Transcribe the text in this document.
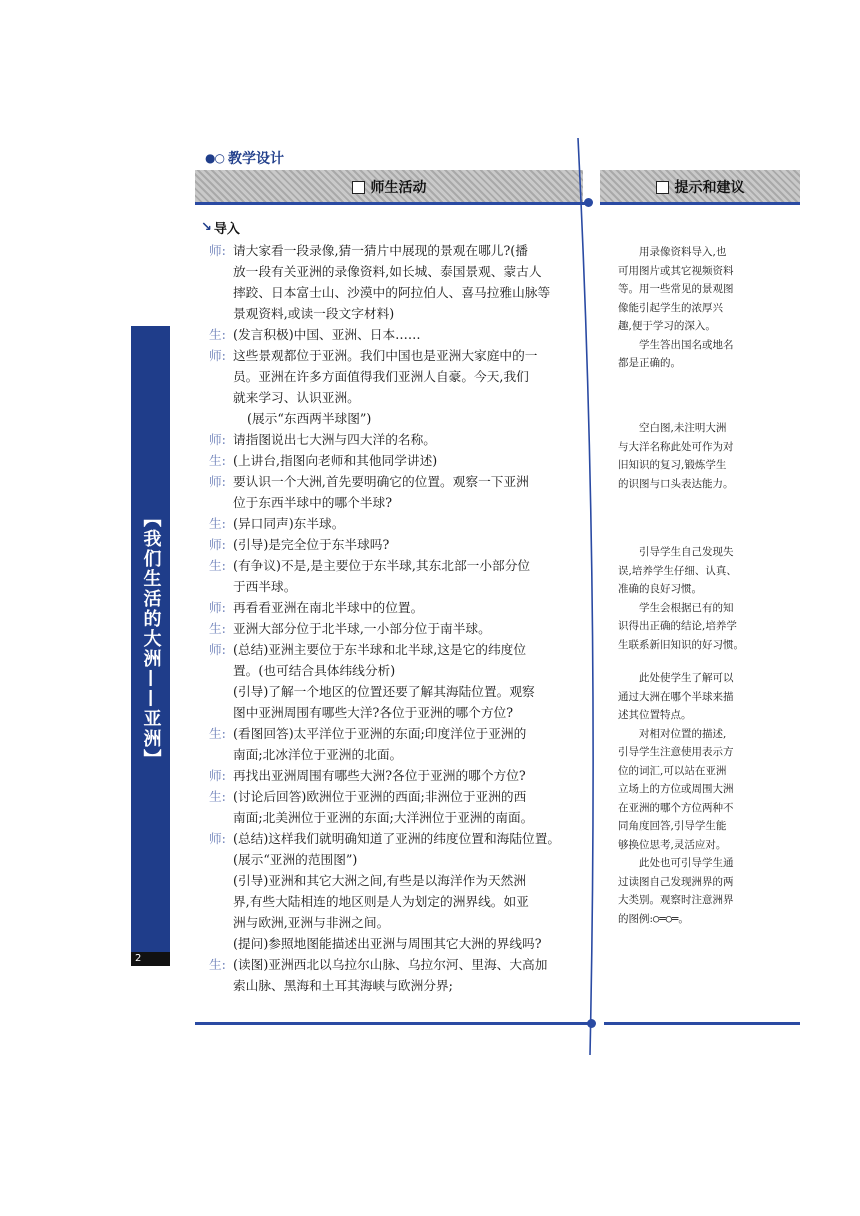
●○ 教学设计
师生活动	提示和建议
↘ 导入
师: 请大家看一段录像,猜一猜片中展现的景观在哪儿?(播
放一段有关亚洲的录像资料,如长城、泰国景观、蒙古人
摔跤、日本富士山、沙漠中的阿拉伯人、喜马拉雅山脉等
景观资料,或读一段文字材料)
生: (发言积极)中国、亚洲、日本……
师: 这些景观都位于亚洲。我们中国也是亚洲大家庭中的一
员。亚洲在许多方面值得我们亚洲人自豪。今天,我们
就来学习、认识亚洲。
(展示“东西两半球图”)
师: 请指图说出七大洲与四大洋的名称。
生: (上讲台,指图向老师和其他同学讲述)
师: 要认识一个大洲,首先要明确它的位置。观察一下亚洲
位于东西半球中的哪个半球?
生: (异口同声)东半球。
师: (引导)是完全位于东半球吗?
生: (有争议)不是,是主要位于东半球,其东北部一小部分位
于西半球。
师: 再看看亚洲在南北半球中的位置。
生: 亚洲大部分位于北半球,一小部分位于南半球。
师: (总结)亚洲主要位于东半球和北半球,这是它的纬度位
置。(也可结合具体纬线分析)
(引导)了解一个地区的位置还要了解其海陆位置。观察
图中亚洲周围有哪些大洋?各位于亚洲的哪个方位?
生: (看图回答)太平洋位于亚洲的东面;印度洋位于亚洲的
南面;北冰洋位于亚洲的北面。
师: 再找出亚洲周围有哪些大洲?各位于亚洲的哪个方位?
生: (讨论后回答)欧洲位于亚洲的西面;非洲位于亚洲的西
南面;北美洲位于亚洲的东面;大洋洲位于亚洲的南面。
师: (总结)这样我们就明确知道了亚洲的纬度位置和海陆位置。
(展示“亚洲的范围图”)
(引导)亚洲和其它大洲之间,有些是以海洋作为天然洲
界,有些大陆相连的地区则是人为划定的洲界线。如亚
洲与欧洲,亚洲与非洲之间。
(提问)参照地图能描述出亚洲与周围其它大洲的界线吗?
生: (读图)亚洲西北以乌拉尔山脉、乌拉尔河、里海、大高加
索山脉、黑海和土耳其海峡与欧洲分界;
用录像资料导入,也
可用图片或其它视频资料
等。用一些常见的景观图
像能引起学生的浓厚兴
趣,便于学习的深入。
学生答出国名或地名
都是正确的。
空白图,未注明大洲
与大洋名称此处可作为对
旧知识的复习,锻炼学生
的识图与口头表达能力。
引导学生自己发现失
误,培养学生仔细、认真、
准确的良好习惯。
学生会根据已有的知
识得出正确的结论,培养学
生联系新旧知识的好习惯。
此处使学生了解可以
通过大洲在哪个半球来描
述其位置特点。
对相对位置的描述,
引导学生注意使用表示方
位的词汇,可以站在亚洲
立场上的方位或周围大洲
在亚洲的哪个方位两种不
同角度回答,引导学生能
够换位思考,灵活应对。
此处也可引导学生通
过读图自己发现洲界的两
大类别。观察时注意洲界
的图例:○═○═。
【我们生活的大洲——亚洲】
2
